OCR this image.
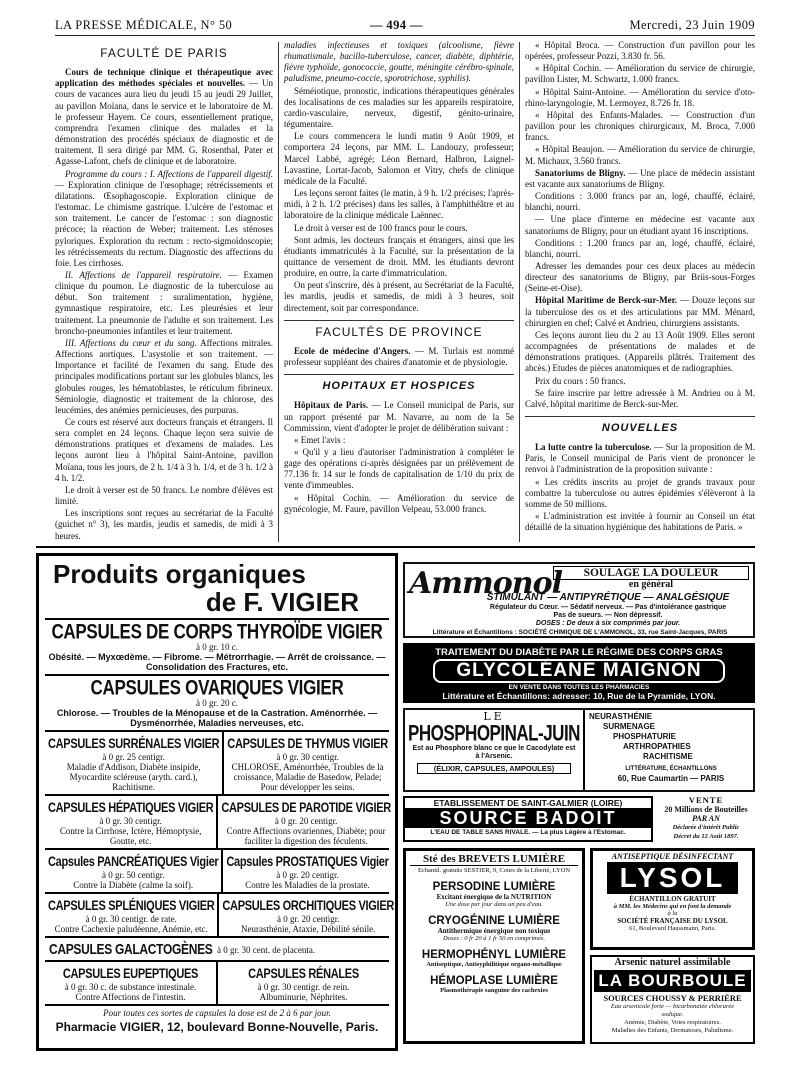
LA PRESSE MÉDICALE, N° 50	— 494 —	Mercredi, 23 Juin 1909
FACULTÉ DE PARIS

Cours de technique clinique et thérapeutique avec application des méthodes spéciales et nouvelles. — Un cours de vacances aura lieu du jeudi 15 au jeudi 29 Juillet, au pavillon Moïana, dans le service et le laboratoire de M. le professeur Hayem. Ce cours, essentiellement pratique, comprendra l'examen clinique des malades et la démonstration des procédés spéciaux de diagnostic et de traitement. Il sera dirigé par MM. G. Rosenthal, Pater et Agasse-Lafont, chefs de clinique et de laboratoire.

Programme du cours : I. Affections de l'appareil digestif. — Exploration clinique de l'œsophage; rétrécissements et dilatations. Œsophagoscopie. Exploration clinique de l'estomac. Le chimisme gastrique. L'ulcère de l'estomac et son traitement. Le cancer de l'estomac : son diagnostic précoce; la réaction de Weber; traitement. Les sténoses pyloriques. Exploration du rectum : recto-sigmoïdoscopie; les rétrécissements du rectum. Diagnostic des affections du foie. Les cirrhoses.

II. Affections de l'appareil respiratoire. — Examen clinique du poumon. Le diagnostic de la tuberculose au début. Son traitement : suralimentation, hygiène, gymnastique respiratoire, etc. Les pleurésies et leur traitement. La pneumonie de l'adulte et son traitement. Les broncho-pneumonies infantiles et leur traitement.

III. Affections du cœur et du sang. Affections mitrales. Affections aortiques. L'asystolie et son traitement. — Importance et facilité de l'examen du sang. Etude des principales modifications portant sur les globules blancs, les globules rouges, les hématoblastes, le réticulum fibrineux. Sémiologie, diagnostic et traitement de la chlorose, des leucémies, des anémies pernicieuses, des purpuras.

Ce cours est réservé aux docteurs français et étrangers. Il sera complet en 24 leçons. Chaque leçon sera suivie de démonstrations pratiques et d'examens de malades. Les leçons auront lieu à l'hôpital Saint-Antoine, pavillon Moïana, tous les jours, de 2 h. 1/4 à 3 h. 1/4, et de 3 h. 1/2 à 4 h. 1/2.

Le droit à verser est de 50 francs. Le nombre d'élèves est limité.

Les inscriptions sont reçues au secrétariat de la Faculté (guichet n° 3), les mardis, jeudis et samedis, de midi à 3 heures.

maladies infectieuses et toxiques (alcoolisme, fièvre rhumatismale, bacillo-tuberculose, cancer, diabète, diphtérie, fièvre typhoïde, gonococcie, goutte, méningite cérébro-spinale, paludisme, pneumo-coccie, sporotrichose, syphilis).

Séméiotique, pronostic, indications thérapeutiques générales des localisations de ces maladies sur les appareils respiratoire, cardio-vasculaire, nerveux, digestif, génito-urinaire, tégumentaire.

Le cours commencera le lundi matin 9 Août 1909, et comportera 24 leçons, par MM. L. Landouzy, professeur; Marcel Labbé, agrégé; Léon Bernard, Halbron, Laignel-Lavastine, Lortat-Jacob, Salomon et Vitry, chefs de clinique médicale de la Faculté.

Les leçons seront faites (le matin, à 9 h. 1/2 précises; l'après-midi, à 2 h. 1/2 précises) dans les salles, à l'amphithéâtre et au laboratoire de la clinique médicale Laënnec.

Le droit à verser est de 100 francs pour le cours.

Sont admis, les docteurs français et étrangers, ainsi que les étudiants immatriculés à la Faculté, sur la présentation de la quittance de versement de droit. MM. les étudiants devront produire, en outre, la carte d'immatriculation.

On peut s'inscrire, dès à présent, au Secrétariat de la Faculté, les mardis, jeudis et samedis, de midi à 3 heures, soit directement, soit par correspondance.

FACULTÉS DE PROVINCE

Ecole de médecine d'Angers. — M. Turlais est nommé professeur suppléant des chaires d'anatomie et de physiologie.

HOPITAUX ET HOSPICES

Hôpitaux de Paris. — Le Conseil municipal de Paris, sur un rapport présenté par M. Navarre, au nom de la 5e Commission, vient d'adopter le projet de délibération suivant :

« Emet l'avis :

« Qu'il y a lieu d'autoriser l'administration à compléter le gage des opérations ci-après désignées par un prélèvement de 77.136 fr. 14 sur le fonds de capitalisation de 1/10 du prix de vente d'immeubles.

« Hôpital Cochin. — Amélioration du service de gynécologie, M. Faure, pavillon Velpeau, 53.000 francs.

« Hôpital Broca. — Construction d'un pavillon pour les opérées, professeur Pozzi, 3.830 fr. 56.

« Hôpital Cochin. — Amélioration du service de chirurgie, pavillon Lister, M. Schwartz, 1.000 francs.

« Hôpital Saint-Antoine. — Amélioration du service d'oto-rhino-laryngologie, M. Lermoyez, 8.726 fr. 18.

« Hôpital des Enfants-Malades. — Construction d'un pavillon pour les chroniques chirurgicaux, M. Broca, 7.000 francs.

« Hôpital Beaujon. — Amélioration du service de chirurgie, M. Michaux, 3.560 francs.

Sanatoriums de Bligny. — Une place de médecin assistant est vacante aux sanatoriums de Bligny.

Conditions : 3.000 francs par an, logé, chauffé, éclairé, blanchi, nourri.

— Une place d'interne en médecine est vacante aux sanatoriums de Bligny, pour un étudiant ayant 16 inscriptions.

Conditions : 1.200 francs par an, logé, chauffé, éclairé, blanchi, nourri.

Adresser les demandes pour ces deux places au médecin directeur des sanatoriums de Bligny, par Briis-sous-Forges (Seine-et-Oise).

Hôpital Maritime de Berck-sur-Mer. — Douze leçons sur la tuberculose des os et des articulations par MM. Ménard, chirurgien en chef; Calvé et Andrieu, chirurgiens assistants.

Ces leçons auront lieu du 2 au 13 Août 1909. Elles seront accompagnées de présentations de malades et de démonstrations pratiques. (Appareils plâtrés. Traitement des abcès.) Etudes de pièces anatomiques et de radiographies.

Prix du cours : 50 francs.

Se faire inscrire par lettre adressée à M. Andrieu ou à M. Calvé, hôpital maritime de Berck-sur-Mer.

NOUVELLES

La lutte contre la tuberculose. — Sur la proposition de M. Paris, le Conseil municipal de Paris vient de prononcer le renvoi à l'administration de la proposition suivante :

« Les crédits inscrits au projet de grands travaux pour combattre la tuberculose ou autres épidémies s'élèveront à la somme de 50 millions.

« L'administration est invitée à fournir au Conseil un état détaillé de la situation hygiénique des habitations de Paris. »

Produits organiques
de F. VIGIER
CAPSULES DE CORPS THYROÏDE VIGIER
à 0 gr. 10 c.
Obésité. — Myxœdème. — Fibrome. — Métrorrhagie. — Arrêt de croissance. — Consolidation des Fractures, etc.
CAPSULES OVARIQUES VIGIER
à 0 gr. 20 c.
Chlorose. — Troubles de la Ménopause et de la Castration. Aménorrhée. — Dysménorrhée, Maladies nerveuses, etc.
CAPSULES SURRÉNALES VIGIER
à 0 gr. 25 centigr.
Maladie d'Addison, Diabète insipide, Myocardite scléreuse (aryth. card.), Rachitisme.
CAPSULES DE THYMUS VIGIER
à 0 gr. 30 centigr.
CHLOROSE, Aménorrhée, Troubles de la croissance, Maladie de Basedow, Pelade; Pour développer les seins.
CAPSULES HÉPATIQUES VIGIER
à 0 gr. 30 centigr.
Contre la Cirrhose, Ictère, Hémoptysie, Goutte, etc.
CAPSULES DE PAROTIDE VIGIER
à 0 gr. 20 centigr.
Contre Affections ovariennes, Diabète; pour faciliter la digestion des féculents.
Capsules PANCRÉATIQUES Vigier
à 0 gr. 50 centigr.
Contre la Diabète (calme la soif).
Capsules PROSTATIQUES Vigier
à 0 gr. 20 centigr.
Contre les Maladies de la prostate.
CAPSULES SPLÉNIQUES VIGIER
à 0 gr. 30 centigr. de rate.
Contre Cachexie paludéenne, Anémie, etc.
CAPSULES ORCHITIQUES VIGIER
à 0 gr. 20 centigr.
Neurasthénie, Ataxie, Débilité sénile.
CAPSULES GALACTOGÈNES à 0 gr. 30 cent. de placenta.
CAPSULES EUPEPTIQUES
à 0 gr. 30 c. de substance intestinale.
Contre Affections de l'intestin.
CAPSULES RÉNALES
à 0 gr. 30 centigr. de rein.
Albuminurie, Néphrites.
Pour toutes ces sortes de capsules la dose est de 2 à 6 par jour.
Pharmacie VIGIER, 12, boulevard Bonne-Nouvelle, Paris.
Ammonol	SOULAGE LA DOULEUR
en général
STIMULANT — ANTIPYRÉTIQUE — ANALGÉSIQUE
Régulateur du Cœur. — Sédatif nerveux. — Pas d'intolérance gastrique
Pas de sueurs. — Non dépressif.
DOSES : De deux à six comprimés par jour.
Littérature et Échantillons : SOCIÉTÉ CHIMIQUE DE L'AMMONOL, 33, rue Saint-Jacques, PARIS
TRAITEMENT DU DIABÈTE PAR LE RÉGIME DES CORPS GRAS
GLYCOLÉANE MAIGNON
EN VENTE DANS TOUTES LES PHARMACIES
Littérature et Échantillons: adresser: 10, Rue de la Pyramide, LYON.
LE
PHOSPHOPINAL-JUIN
Est au Phosphore blanc ce que le Cacodylate est à l'Arsenic.
(ÉLIXIR, CAPSULES, AMPOULES)
NEURASTHÉNIE
SURMENAGE
PHOSPHATURIE
ARTHROPATHIES
RACHITISME
LITTÉRATURE, ÉCHANTILLONS
60, Rue Caumartin — PARIS
ETABLISSEMENT DE SAINT-GALMIER (LOIRE)
SOURCE BADOIT
L'EAU DE TABLE SANS RIVALE. — La plus Légère à l'Estomac.
VENTE
20 Millions de Bouteilles
PAR AN
Déclarée d'intérêt Public
Décret du 12 Août 1897.
Sté des BREVETS LUMIÈRE
Echantil. gratuits SESTIER, 9, Cours de la Liberté, LYON
PERSODINE LUMIÈRE
Excitant énergique de la NUTRITION
Une dose par jour dans un peu d'eau.
CRYOGÉNINE LUMIÈRE
Antithermique énergique non toxique
Doses : 0 fr 20 à 1 fr 50 en comprimés.
HERMOPHÉNYL LUMIÈRE
Antiseptique, Antisyphilitique organo-métallique
HÉMOPLASE LUMIÈRE
Plasmothérapie sanguine des cachexies
ANTISEPTIQUE DÉSINFECTANT
LYSOL
ÉCHANTILLON GRATUIT
à MM. les Médecins qui en font la demande
à la
SOCIÉTÉ FRANÇAISE DU LYSOL
61, Boulevard Haussmann, Paris.
Arsenic naturel assimilable
LA BOURBOULE
SOURCES CHOUSSY & PERRIÈRE
Eau arsenicale forte — bicarbonatée chlorurée sodique.
Anémie, Diabète, Voies respiratoires.
Maladies des Enfants, Dermatoses, Paludisme.
